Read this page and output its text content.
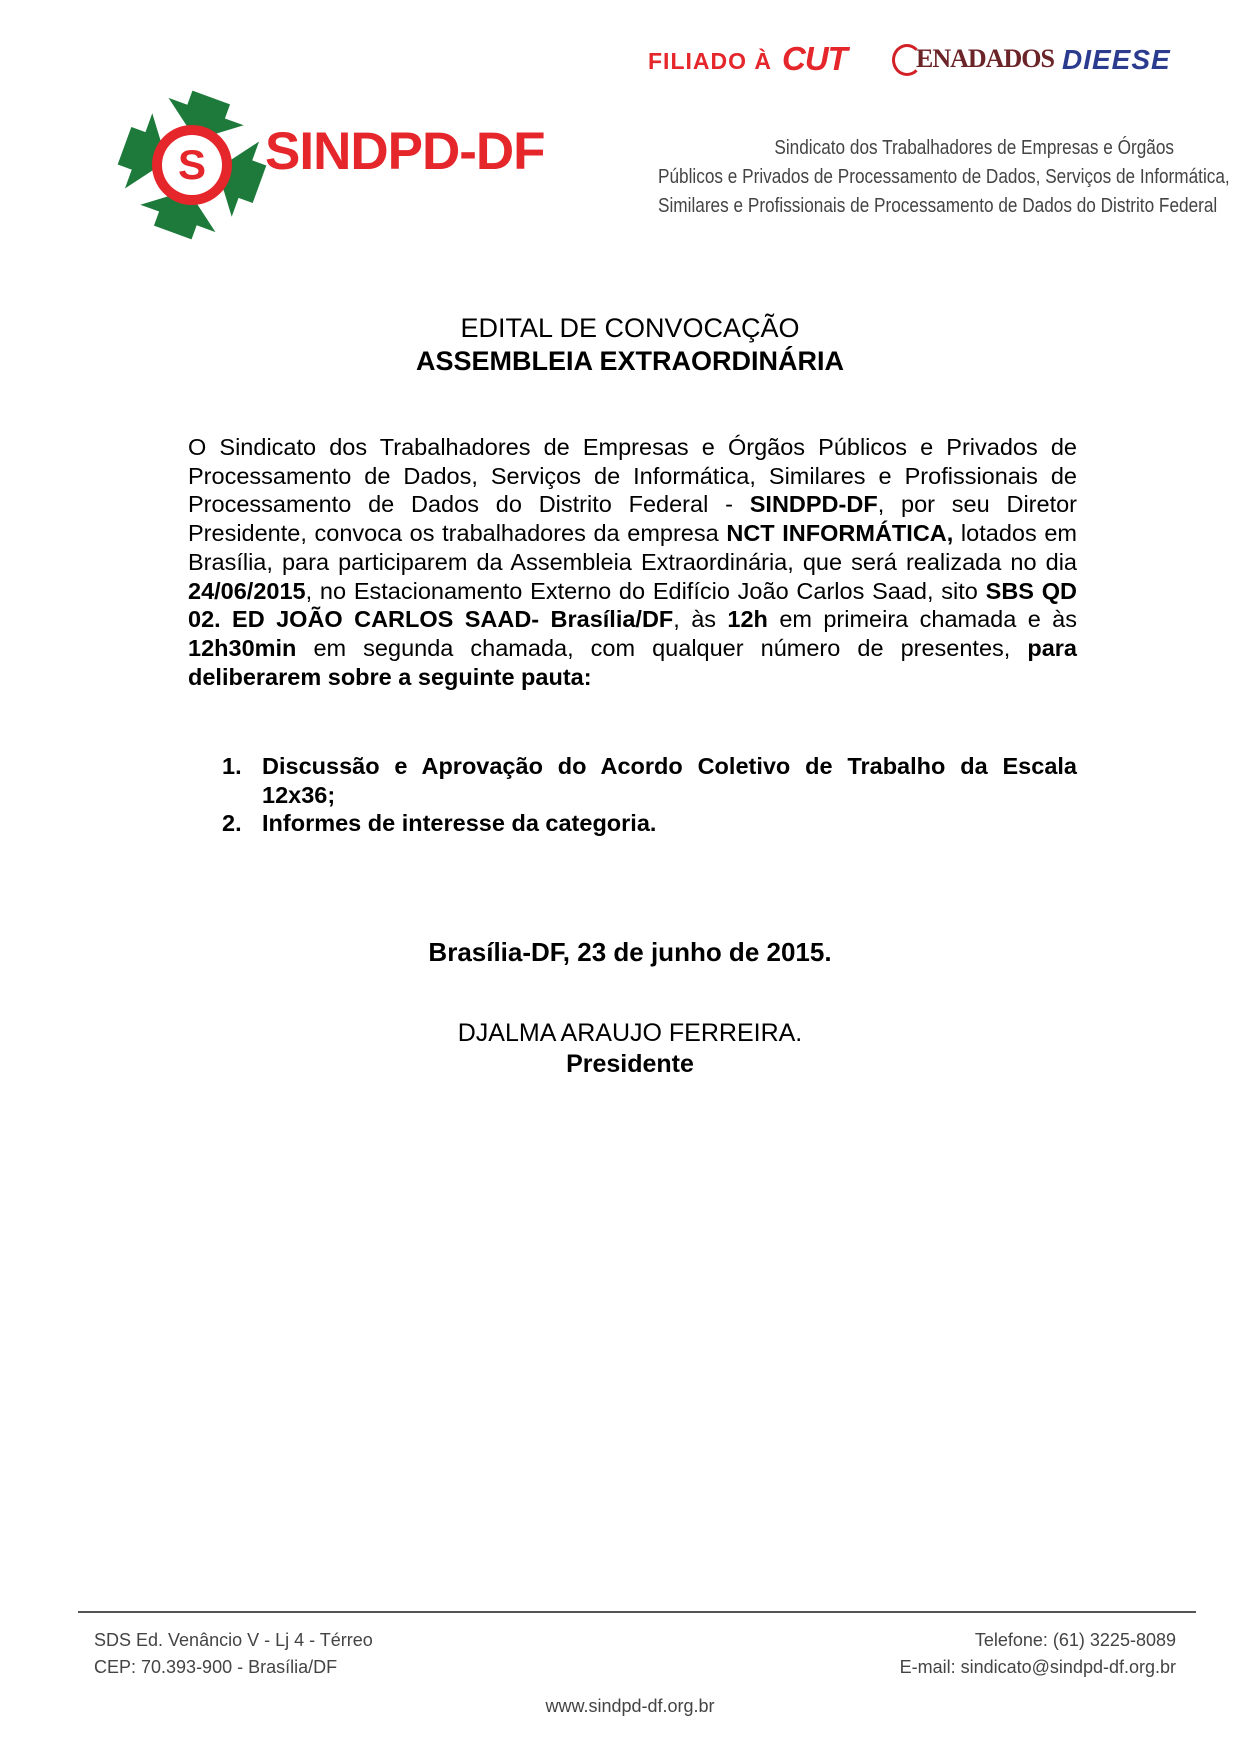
FILIADO À CUT	ENADADOS DIEESE
S SINDPD-DF	Sindicato dos Trabalhadores de Empresas e Órgãos
Públicos e Privados de Processamento de Dados, Serviços de Informática,
Similares e Profissionais de Processamento de Dados do Distrito Federal
EDITAL DE CONVOCAÇÃO
ASSEMBLEIA EXTRAORDINÁRIA
O Sindicato dos Trabalhadores de Empresas e Órgãos Públicos e Privados de Processamento de Dados, Serviços de Informática, Similares e Profissionais de Processamento de Dados do Distrito Federal - SINDPD-DF, por seu Diretor Presidente, convoca os trabalhadores da empresa NCT INFORMÁTICA, lotados em Brasília, para participarem da Assembleia Extraordinária, que será realizada no dia 24/06/2015, no Estacionamento Externo do Edifício João Carlos Saad, sito SBS QD 02. ED JOÃO CARLOS SAAD- Brasília/DF, às 12h em primeira chamada e às 12h30min em segunda chamada, com qualquer número de presentes, para deliberarem sobre a seguinte pauta:
1. Discussão e Aprovação do Acordo Coletivo de Trabalho da Escala 12x36;
2. Informes de interesse da categoria.
Brasília-DF, 23 de junho de 2015.
DJALMA ARAUJO FERREIRA.
Presidente
SDS Ed. Venâncio V - Lj 4 - Térreo
CEP: 70.393-900 - Brasília/DF
Telefone: (61) 3225-8089
E-mail: sindicato@sindpd-df.org.br
www.sindpd-df.org.br
